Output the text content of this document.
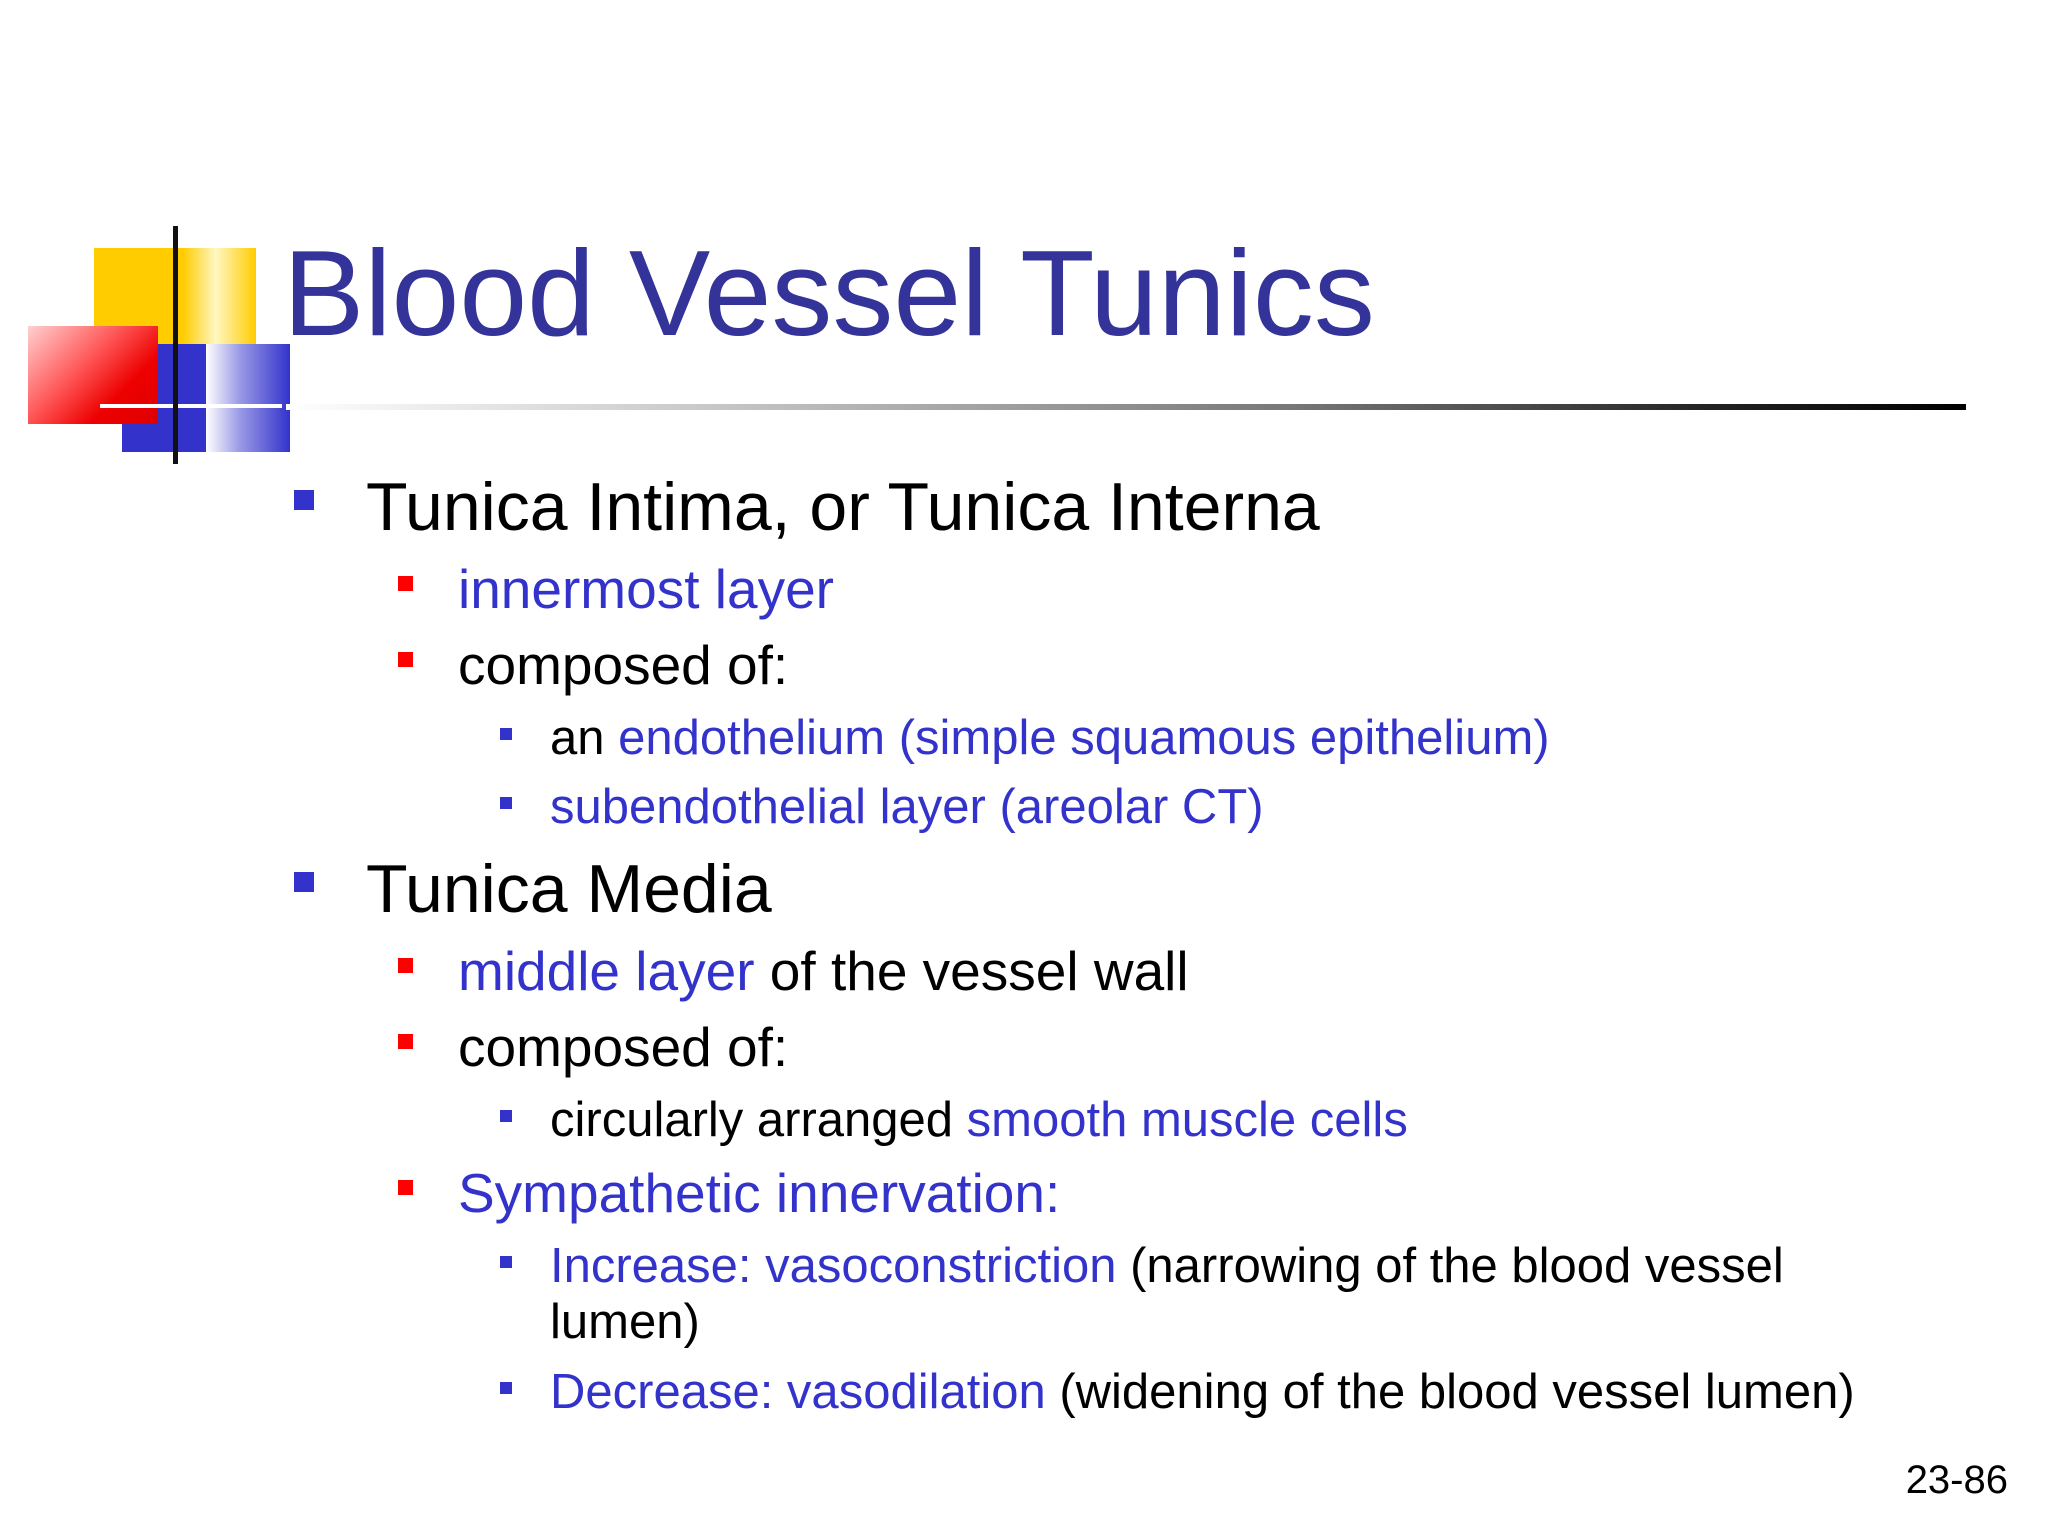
Blood Vessel Tunics
Tunica Intima, or Tunica Interna
innermost layer
composed of:
an endothelium (simple squamous epithelium)
subendothelial layer (areolar CT)
Tunica Media
middle layer of the vessel wall
composed of:
circularly arranged smooth muscle cells
Sympathetic innervation:
Increase: vasoconstriction (narrowing of the blood vessel
lumen)
Decrease: vasodilation (widening of the blood vessel lumen)
23-86
